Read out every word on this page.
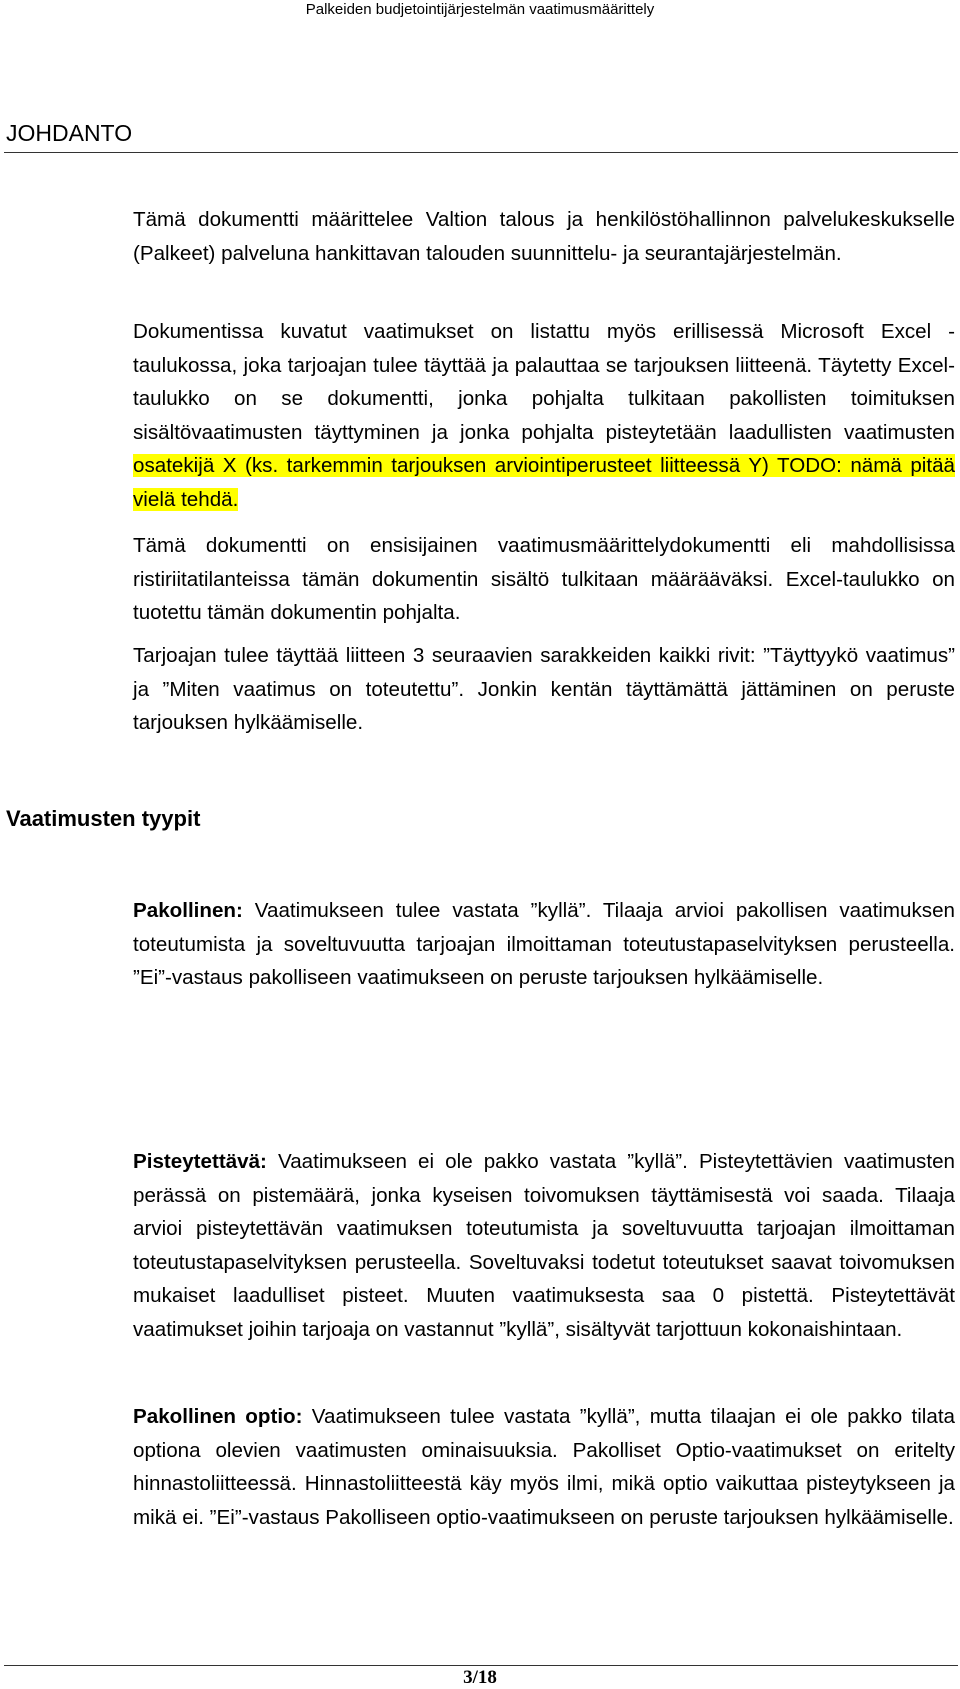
Palkeiden budjetointijärjestelmän vaatimusmäärittely
JOHDANTO

Tämä dokumentti määrittelee Valtion talous ja henkilöstöhallinnon palvelukeskukselle (Palkeet) palveluna hankittavan talouden suunnittelu- ja seurantajärjestelmän.

Dokumentissa kuvatut vaatimukset on listattu myös erillisessä Microsoft Excel -taulukossa, joka tarjoajan tulee täyttää ja palauttaa se tarjouksen liitteenä. Täytetty Excel-taulukko on se dokumentti, jonka pohjalta tulkitaan pakollisten toimituksen sisältövaatimusten täyttyminen ja jonka pohjalta pisteytetään laadullisten vaatimusten osatekijä X (ks. tarkemmin tarjouksen arviointiperusteet liitteessä Y) TODO: nämä pitää vielä tehdä.

Tämä dokumentti on ensisijainen vaatimusmäärittelydokumentti eli mahdollisissa ristiriitatilanteissa tämän dokumentin sisältö tulkitaan määrääväksi. Excel-taulukko on tuotettu tämän dokumentin pohjalta.

Tarjoajan tulee täyttää liitteen 3 seuraavien sarakkeiden kaikki rivit: ”Täyttyykö vaatimus” ja ”Miten vaatimus on toteutettu”. Jonkin kentän täyttämättä jättäminen on peruste tarjouksen hylkäämiselle.

Vaatimusten tyypit

Pakollinen: Vaatimukseen tulee vastata ”kyllä”. Tilaaja arvioi pakollisen vaatimuksen toteutumista ja soveltuvuutta tarjoajan ilmoittaman toteutustapaselvityksen perusteella. ”Ei”-vastaus pakolliseen vaatimukseen on peruste tarjouksen hylkäämiselle.

Pisteytettävä: Vaatimukseen ei ole pakko vastata ”kyllä”. Pisteytettävien vaatimusten perässä on pistemäärä, jonka kyseisen toivomuksen täyttämisestä voi saada. Tilaaja arvioi pisteytettävän vaatimuksen toteutumista ja soveltuvuutta tarjoajan ilmoittaman toteutustapaselvityksen perusteella. Soveltuvaksi todetut toteutukset saavat toivomuksen mukaiset laadulliset pisteet. Muuten vaatimuksesta saa 0 pistettä. Pisteytettävät vaatimukset joihin tarjoaja on vastannut ”kyllä”, sisältyvät tarjottuun kokonaishintaan.

Pakollinen optio: Vaatimukseen tulee vastata ”kyllä”, mutta tilaajan ei ole pakko tilata optiona olevien vaatimusten ominaisuuksia. Pakolliset Optio-vaatimukset on eritelty hinnastoliitteessä. Hinnastoliitteestä käy myös ilmi, mikä optio vaikuttaa pisteytykseen ja mikä ei. ”Ei”-vastaus Pakolliseen optio-vaatimukseen on peruste tarjouksen hylkäämiselle.

3/18
